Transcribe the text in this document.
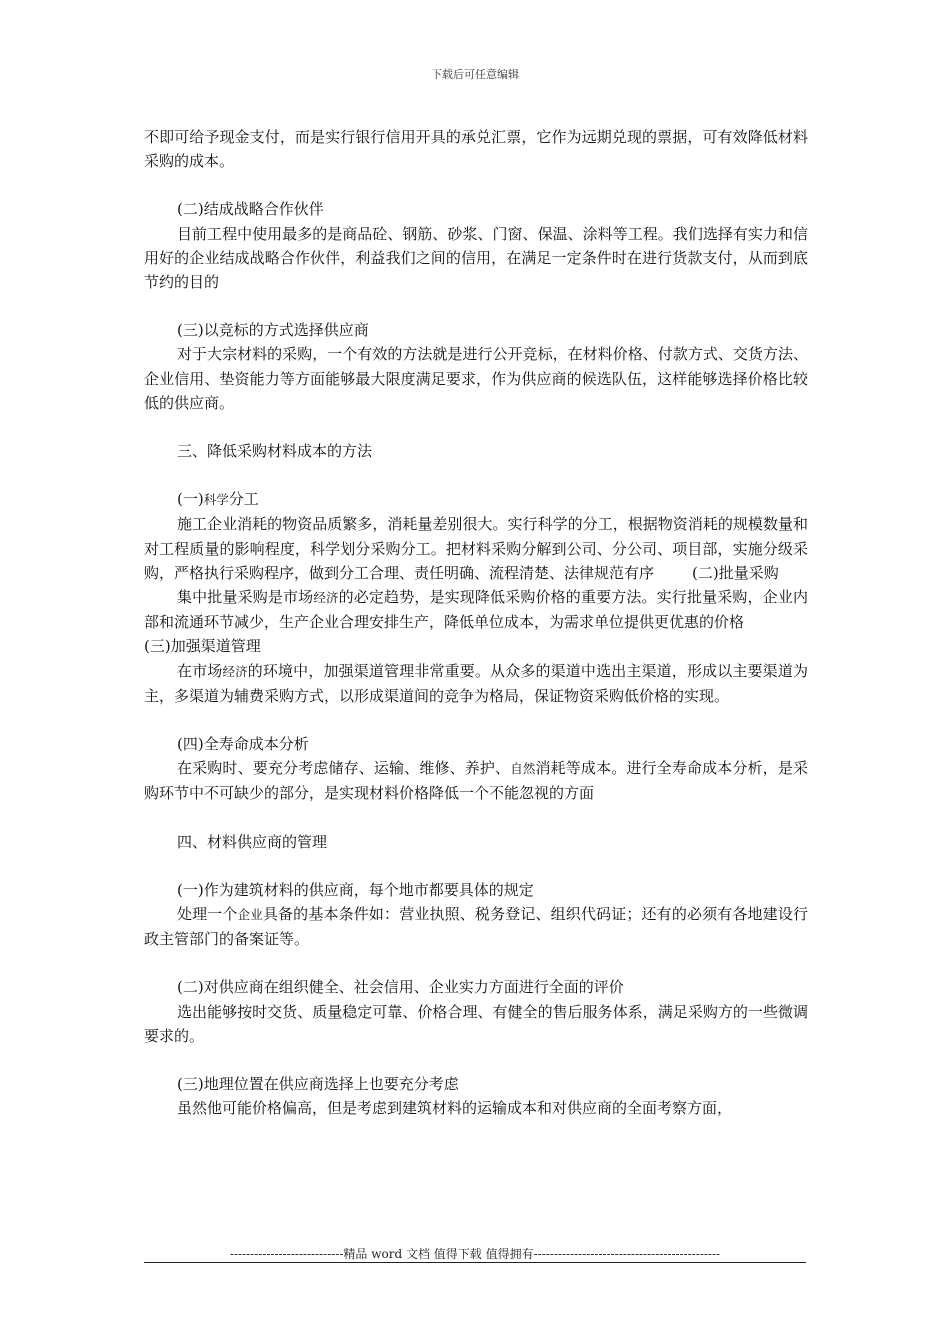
下载后可任意编辑

不即可给予现金支付，而是实行银行信用开具的承兑汇票，它作为远期兑现的票据，可有效降低材料采购的成本。

(二)结成战略合作伙伴

目前工程中使用最多的是商品砼、钢筋、砂浆、门窗、保温、涂料等工程。我们选择有实力和信用好的企业结成战略合作伙伴，利益我们之间的信用，在满足一定条件时在进行货款支付，从而到底节约的目的

(三)以竞标的方式选择供应商

对于大宗材料的采购，一个有效的方法就是进行公开竞标，在材料价格、付款方式、交货方法、企业信用、垫资能力等方面能够最大限度满足要求，作为供应商的候选队伍，这样能够选择价格比较低的供应商。

三、降低采购材料成本的方法

(一)科学分工

施工企业消耗的物资品质繁多，消耗量差别很大。实行科学的分工，根据物资消耗的规模数量和对工程质量的影响程度，科学划分采购分工。把材料采购分解到公司、分公司、项目部，实施分级采购，严格执行采购程序，做到分工合理、责任明确、流程清楚、法律规范有序	(二)批量采购

集中批量采购是市场经济的必定趋势，是实现降低采购价格的重要方法。实行批量采购，企业内部和流通环节减少，生产企业合理安排生产，降低单位成本，为需求单位提供更优惠的价格

(三)加强渠道管理

在市场经济的环境中，加强渠道管理非常重要。从众多的渠道中选出主渠道，形成以主要渠道为主，多渠道为辅费采购方式，以形成渠道间的竞争为格局，保证物资采购低价格的实现。

(四)全寿命成本分析

在采购时、要充分考虑储存、运输、维修、养护、自然消耗等成本。进行全寿命成本分析，是采购环节中不可缺少的部分，是实现材料价格降低一个不能忽视的方面

四、材料供应商的管理

(一)作为建筑材料的供应商，每个地市都要具体的规定

处理一个企业具备的基本条件如：营业执照、税务登记、组织代码证；还有的必须有各地建设行政主管部门的备案证等。

(二)对供应商在组织健全、社会信用、企业实力方面进行全面的评价

选出能够按时交货、质量稳定可靠、价格合理、有健全的售后服务体系，满足采购方的一些微调要求的。

(三)地理位置在供应商选择上也要充分考虑

虽然他可能价格偏高，但是考虑到建筑材料的运输成本和对供应商的全面考察方面，

----------------------------精品 word 文档 值得下载 值得拥有----------------------------------------------
